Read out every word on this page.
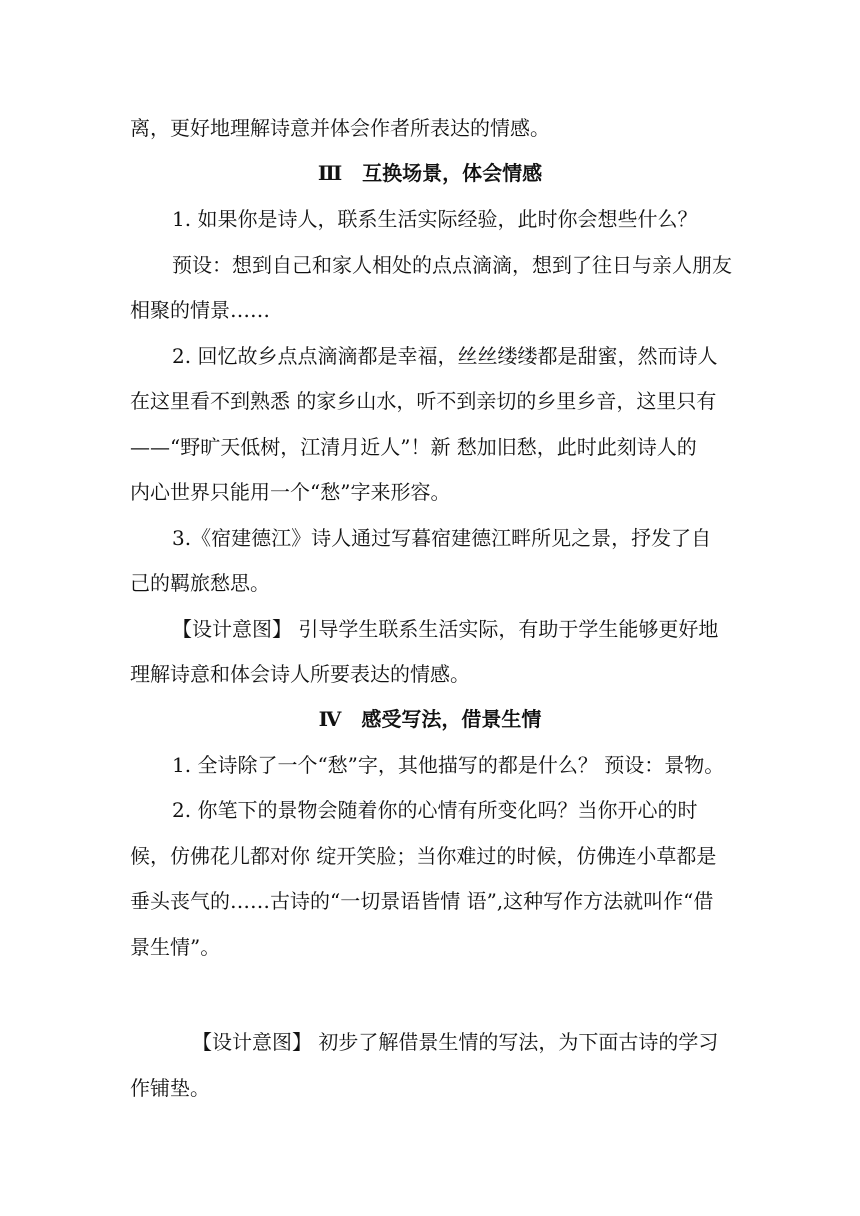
离，更好地理解诗意并体会作者所表达的情感。
Ⅲ　互换场景，体会情感
1. 如果你是诗人，联系生活实际经验，此时你会想些什么？
预设：想到自己和家人相处的点点滴滴，想到了往日与亲人朋友
相聚的情景……
2. 回忆故乡点点滴滴都是幸福，丝丝缕缕都是甜蜜，然而诗人
在这里看不到熟悉 的家乡山水，听不到亲切的乡里乡音，这里只有
——“野旷天低树，江清月近人”！新 愁加旧愁，此时此刻诗人的
内心世界只能用一个“愁”字来形容。
3.《宿建德江》诗人通过写暮宿建德江畔所见之景，抒发了自
己的羁旅愁思。
【设计意图】 引导学生联系生活实际，有助于学生能够更好地
理解诗意和体会诗人所要表达的情感。
Ⅳ　感受写法，借景生情
1. 全诗除了一个“愁”字，其他描写的都是什么？ 预设：景物。
2. 你笔下的景物会随着你的心情有所变化吗？当你开心的时
候，仿佛花儿都对你 绽开笑脸；当你难过的时候，仿佛连小草都是
垂头丧气的……古诗的“一切景语皆情 语”,这种写作方法就叫作“借
景生情”。
【设计意图】 初步了解借景生情的写法，为下面古诗的学习
作铺垫。
